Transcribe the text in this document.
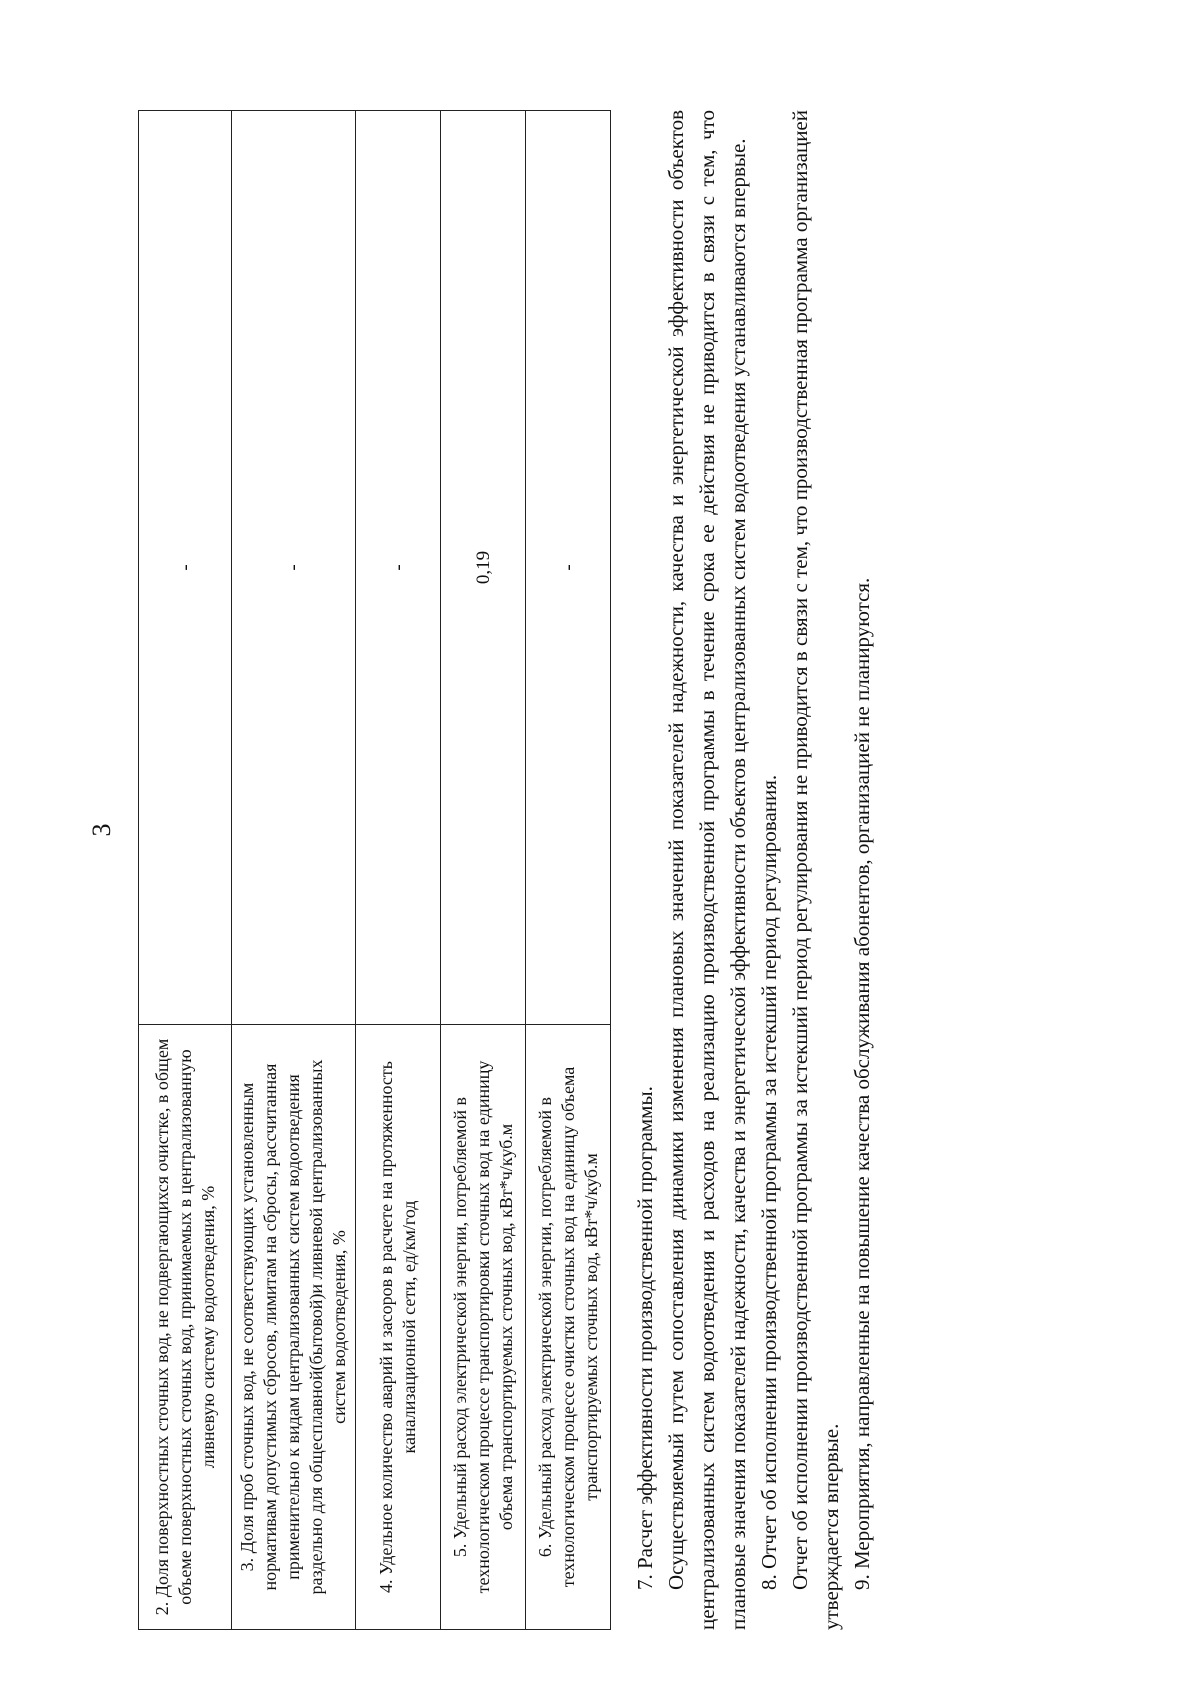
3
2. Доля поверхностных сточных вод, не подвергающихся очистке, в общем объеме поверхностных сточных вод, принимаемых в централизованную ливневую систему водоотведения, %	-
3. Доля проб сточных вод, не соответствующих установленным нормативам допустимых сбросов, лимитам на сбросы, рассчитанная применительно к видам централизованных систем водоотведения раздельно для общесплавной(бытовой)и ливневой централизованных систем водоотведения, %	-
4. Удельное количество аварий и засоров в расчете на протяженность канализационной сети, ед/км/год	-
5. Удельный расход электрической энергии, потребляемой в технологическом процессе транспортировки сточных вод на единицу объема транспортируемых сточных вод, кВт*ч/куб.м	0,19
6. Удельный расход электрической энергии, потребляемой в технологическом процессе очистки сточных вод на единицу объема транспортируемых сточных вод, кВт*ч/куб.м	-

7. Расчет эффективности производственной программы. Осуществляемый путем сопоставления динамики изменения плановых значений показателей надежности, качества и энергетической эффективности объектов централизованных систем водоотведения и расходов на реализацию производственной программы в течение срока ее действия не приводится в связи с тем, что плановые значения показателей надежности, качества и энергетической эффективности объектов централизованных систем водоотведения устанавливаются впервые. 8. Отчет об исполнении производственной программы за истекший период регулирования. Отчет об исполнении производственной программы за истекший период регулирования не приводится в связи с тем, что производственная программа организацией утверждается впервые. 9. Мероприятия, направленные на повышение качества обслуживания абонентов, организацией не планируются.
